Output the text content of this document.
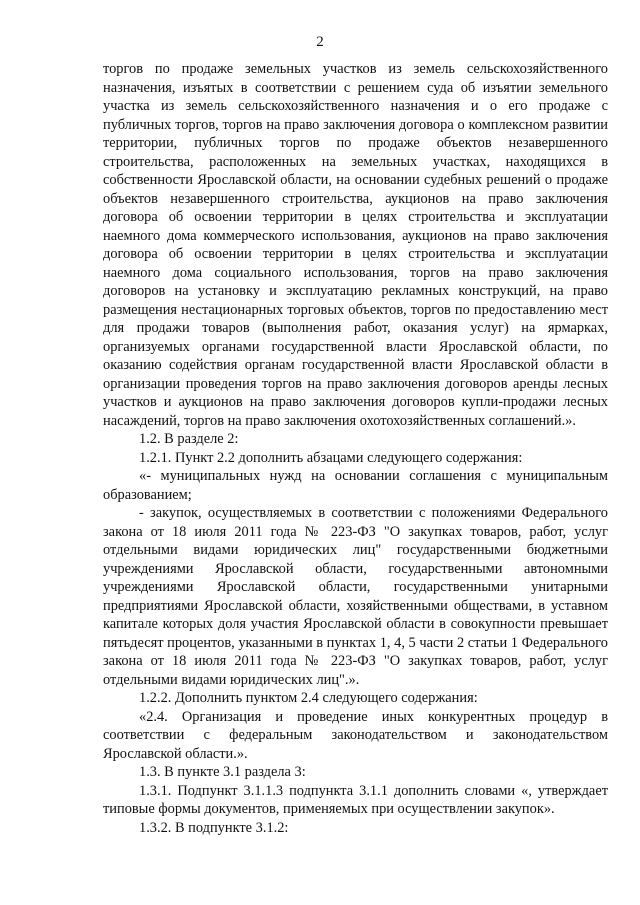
2

торгов по продаже земельных участков из земель сельскохозяйственного назначения, изъятых в соответствии с решением суда об изъятии земельного участка из земель сельскохозяйственного назначения и о его продаже с публичных торгов, торгов на право заключения договора о комплексном развитии территории, публичных торгов по продаже объектов незавершенного строительства, расположенных на земельных участках, находящихся в собственности Ярославской области, на основании судебных решений о продаже объектов незавершенного строительства, аукционов на право заключения договора об освоении территории в целях строительства и эксплуатации наемного дома коммерческого использования, аукционов на право заключения договора об освоении территории в целях строительства и эксплуатации наемного дома социального использования, торгов на право заключения договоров на установку и эксплуатацию рекламных конструкций, на право размещения нестационарных торговых объектов, торгов по предоставлению мест для продажи товаров (выполнения работ, оказания услуг) на ярмарках, организуемых органами государственной власти Ярославской области, по оказанию содействия органам государственной власти Ярославской области в организации проведения торгов на право заключения договоров аренды лесных участков и аукционов на право заключения договоров купли-продажи лесных насаждений, торгов на право заключения охотохозяйственных соглашений.».

1.2. В разделе 2:

1.2.1. Пункт 2.2 дополнить абзацами следующего содержания:

«- муниципальных нужд на основании соглашения с муниципальным образованием;

- закупок, осуществляемых в соответствии с положениями Федерального закона от 18 июля 2011 года № 223-ФЗ "О закупках товаров, работ, услуг отдельными видами юридических лиц" государственными бюджетными учреждениями Ярославской области, государственными автономными учреждениями Ярославской области, государственными унитарными предприятиями Ярославской области, хозяйственными обществами, в уставном капитале которых доля участия Ярославской области в совокупности превышает пятьдесят процентов, указанными в пунктах 1, 4, 5 части 2 статьи 1 Федерального закона от 18 июля 2011 года № 223-ФЗ "О закупках товаров, работ, услуг отдельными видами юридических лиц".».

1.2.2. Дополнить пунктом 2.4 следующего содержания:

«2.4. Организация и проведение иных конкурентных процедур в соответствии с федеральным законодательством и законодательством Ярославской области.».

1.3. В пункте 3.1 раздела 3:

1.3.1. Подпункт 3.1.1.3 подпункта 3.1.1 дополнить словами «, утверждает типовые формы документов, применяемых при осуществлении закупок».

1.3.2. В подпункте 3.1.2:
